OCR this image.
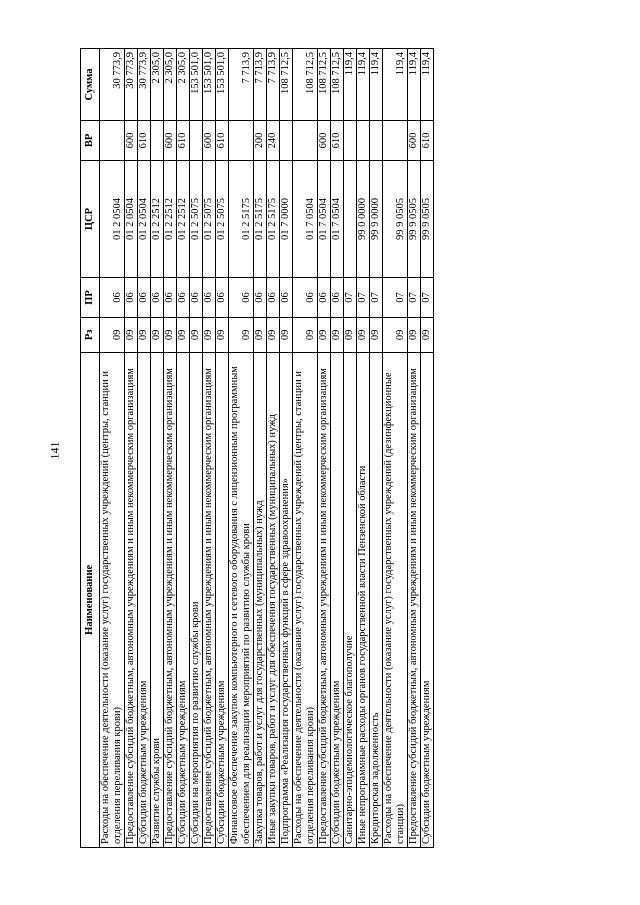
141
Наименование	Рз	ПР	ЦСР	ВР	Сумма
Расходы на обеспечение деятельности (оказание услуг) государственных учреждений (центры, станции и отделения переливания крови)	09	06	01 2 0504		30 773,9
Предоставление субсидий бюджетным, автономным учреждениям и иным некоммерческим организациям	09	06	01 2 0504	600	30 773,9
Субсидии бюджетным учреждениям	09	06	01 2 0504	610	30 773,9
Развитие службы крови	09	06	01 2 2512		2 305,0
Предоставление субсидий бюджетным, автономным учреждениям и иным некоммерческим организациям	09	06	01 2 2512	600	2 305,0
Субсидии бюджетным учреждениям	09	06	01 2 2512	610	2 305,0
Субсидии на мероприятия по развитию службы крови	09	06	01 2 5075		153 501,0
Предоставление субсидий бюджетным, автономным учреждениям и иным некоммерческим организациям	09	06	01 2 5075	600	153 501,0
Субсидии бюджетным учреждениям	09	06	01 2 5075	610	153 501,0
Финансовое обеспечение закупок компьютерного и сетевого оборудования с лицензионным программным обеспечением для реализации мероприятий по развитию службы крови	09	06	01 2 5175		7 713,9
Закупка товаров, работ и услуг для государственных (муниципальных) нужд	09	06	01 2 5175	200	7 713,9
Иные закупки товаров, работ и услуг для обеспечения государственных (муниципальных) нужд	09	06	01 2 5175	240	7 713,9
Подпрограмма «Реализация государственных функций в сфере здравоохранения»	09	06	01 7 0000		108 712,5
Расходы на обеспечение деятельности (оказание услуг) государственных учреждений (центры, станции и отделения переливания крови)	09	06	01 7 0504		108 712,5
Предоставление субсидий бюджетным, автономным учреждениям и иным некоммерческим организациям	09	06	01 7 0504	600	108 712,5
Субсидии бюджетным учреждениям	09	06	01 7 0504	610	108 712,5
Санитарно-эпидемиологическое благополучие	09	07			119,4
Иные непрограммные расходы органов государственной власти Пензенской области	09	07	99 0 0000		119,4
Кредиторская задолженность	09	07	99 9 0000		119,4
Расходы на обеспечение деятельности (оказание услуг) государственных учреждений (дезинфекционные станции)	09	07	99 9 0505		119,4
Предоставление субсидий бюджетным, автономным учреждениям и иным некоммерческим организациям	09	07	99 9 0505	600	119,4
Субсидии бюджетным учреждениям	09	07	99 9 0505	610	119,4
